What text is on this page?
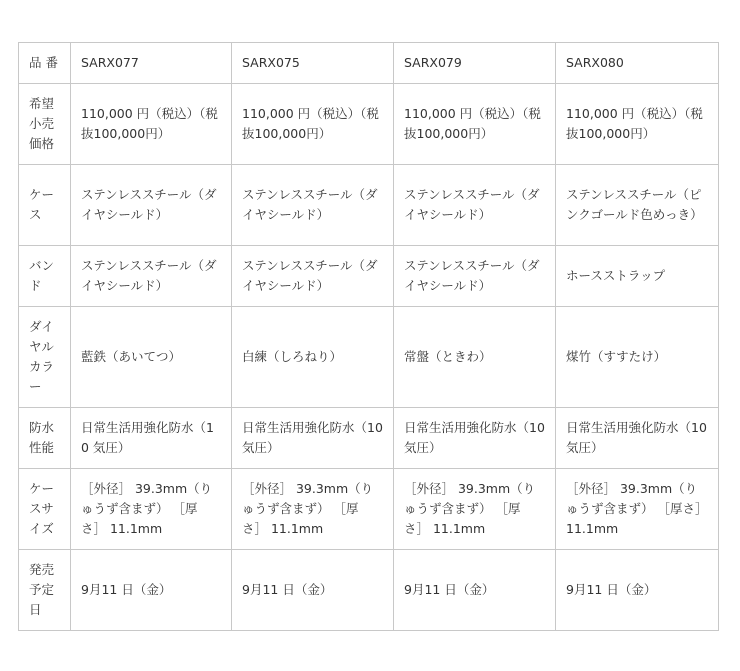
品 番	SARX077	SARX075	SARX079	SARX080

希望小売価格	110,000 円（税込）（税抜100,000円）	110,000 円（税込）（税抜100,000円）	110,000 円（税込）（税抜100,000円）	110,000 円（税込）（税抜100,000円）

ケース	ステンレススチール（ダイヤシールド）	ステンレススチール（ダイヤシールド）	ステンレススチール（ダイヤシールド）	ステンレススチール（ピンクゴールド色めっき）

バンド	ステンレススチール（ダイヤシールド）	ステンレススチール（ダイヤシールド）	ステンレススチール（ダイヤシールド）	ホースストラップ

ダイヤルカラー	藍鉄（あいてつ）	白練（しろねり）	常盤（ときわ）	煤竹（すすたけ）

防水性能	日常生活用強化防水（10 気圧）	日常生活用強化防水（10 気圧）	日常生活用強化防水（10 気圧）	日常生活用強化防水（10 気圧）

ケースサイズ	［外径］ 39.3mm（りゅうず含まず） ［厚さ］ 11.1mm	［外径］ 39.3mm（りゅうず含まず） ［厚さ］ 11.1mm	［外径］ 39.3mm（りゅうず含まず） ［厚さ］ 11.1mm	［外径］ 39.3mm（りゅうず含まず） ［厚さ］ 11.1mm

発売予定日	9月11 日（金）	9月11 日（金）	9月11 日（金）	9月11 日（金）
